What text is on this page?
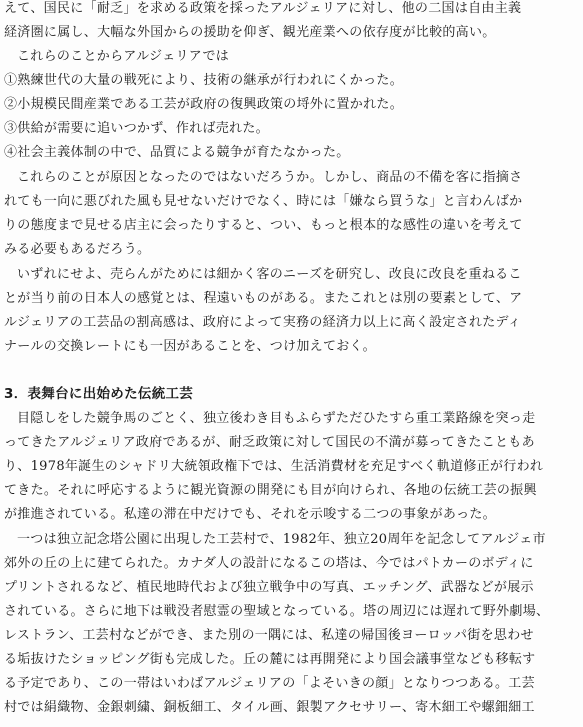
えて、国民に「耐乏」を求める政策を採ったアルジェリアに対し、他の二国は自由主義
経済圏に属し、大幅な外国からの援助を仰ぎ、観光産業への依存度が比較的高い。
これらのことからアルジェリアでは
①熟練世代の大量の戦死により、技術の継承が行われにくかった。
②小規模民間産業である工芸が政府の復興政策の埒外に置かれた。
③供給が需要に追いつかず、作れば売れた。
④社会主義体制の中で、品質による競争が育たなかった。
これらのことが原因となったのではないだろうか。しかし、商品の不備を客に指摘さ
れても一向に悪びれた風も見せないだけでなく、時には「嫌なら買うな」と言わんばか
りの態度まで見せる店主に会ったりすると、つい、もっと根本的な感性の違いを考えて
みる必要もあるだろう。
いずれにせよ、売らんがためには細かく客のニーズを研究し、改良に改良を重ねるこ
とが当り前の日本人の感覚とは、程遠いものがある。またこれとは別の要素として、ア
ルジェリアの工芸品の割高感は、政府によって実務の経済力以上に高く設定されたディ
ナールの交換レートにも一因があることを、つけ加えておく。
3．表舞台に出始めた伝統工芸
目隠しをした競争馬のごとく、独立後わき目もふらずただひたすら重工業路線を突っ走
ってきたアルジェリア政府であるが、耐乏政策に対して国民の不満が募ってきたこともあ
り、1978年誕生のシャドリ大統領政権下では、生活消費材を充足すべく軌道修正が行われ
てきた。それに呼応するように観光資源の開発にも目が向けられ、各地の伝統工芸の振興
が推進されている。私達の滞在中だけでも、それを示唆する二つの事象があった。
一つは独立記念塔公園に出現した工芸村で、1982年、独立20周年を記念してアルジェ市
郊外の丘の上に建てられた。カナダ人の設計になるこの塔は、今ではパトカーのボディに
プリントされるなど、植民地時代および独立戦争中の写真、エッチング、武器などが展示
されている。さらに地下は戦没者慰霊の聖域となっている。塔の周辺には遅れて野外劇場、
レストラン、工芸村などができ、また別の一隅には、私達の帰国後ヨーロッパ街を思わせ
る垢抜けたショッピング街も完成した。丘の麓には再開発により国会議事堂なども移転す
る予定であり、この一帯はいわばアルジェリアの「よそいきの顔」となりつつある。工芸
村では絹織物、金銀刺繍、銅板細工、タイル画、銀製アクセサリー、寄木細工や螺鈿細工
